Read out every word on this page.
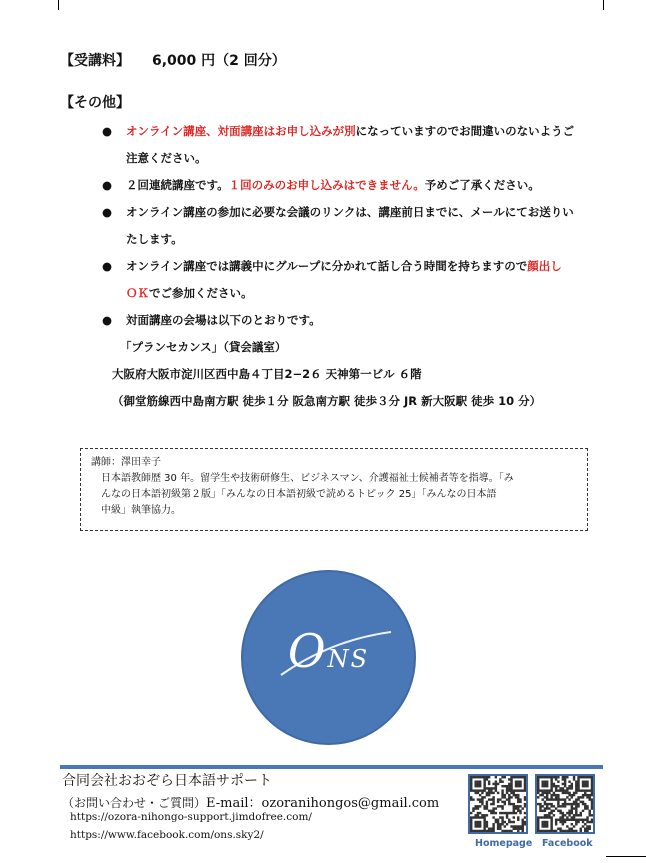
【受講料】 6,000 円（2 回分）
【その他】
● オンライン講座、対面講座はお申し込みが別になっていますのでお間違いのないようご
注意ください。
● ２回連続講座です。１回のみのお申し込みはできません。予めご了承ください。
● オンライン講座の参加に必要な会議のリンクは、講座前日までに、メールにてお送りい
たします。
● オンライン講座では講義中にグループに分かれて話し合う時間を持ちますので顔出し
ＯＫでご参加ください。
● 対面講座の会場は以下のとおりです。
「プランセカンス」（貸会議室）
大阪府大阪市淀川区西中島４丁目2−2６ 天神第一ビル ６階
（御堂筋線西中島南方駅 徒歩１分 阪急南方駅 徒歩３分 JR 新大阪駅 徒歩 10 分）
講師：澤田幸子
日本語教師歴 30 年。留学生や技術研修生、ビジネスマン、介護福祉士候補者等を指導。「み
んなの日本語初級第２版」「みんなの日本語初級で読めるトピック 25」「みんなの日本語
中級」執筆協力。
ONS
合同会社おおぞら日本語サポート
（お問い合わせ・ご質問）E-mail：ozoranihongos@gmail.com
https://ozora-nihongo-support.jimdofree.com/
https://www.facebook.com/ons.sky2/
Homepage Facebook
